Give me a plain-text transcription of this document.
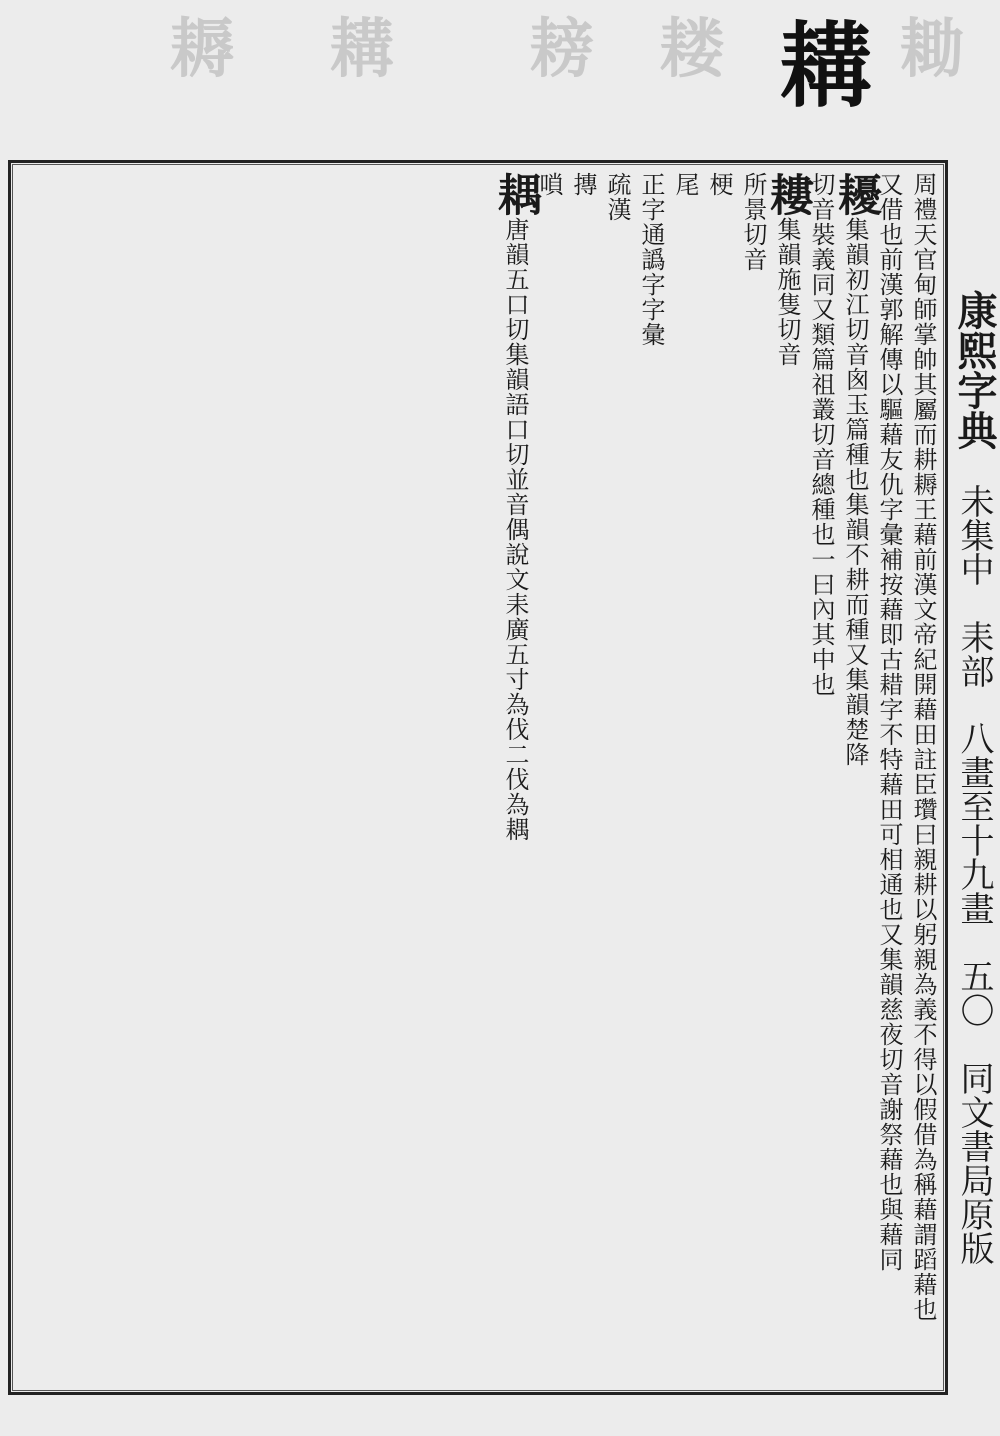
耨 耩 耪 耧	耡
耩
周禮天官甸師掌帥其屬而耕耨王藉前漢文帝紀開藉田註臣瓚曰親耕以躬親為義不得以假借為稱藉謂蹈藉也
又借也前漢郭解傳以驅藉友仇字彙補按藉即古耤字不特藉田可相通也又集韻慈夜切音謝祭藉也與藉同
耰集韻初江切音囪玉篇種也集韻不耕而種又集韻楚降
切音裝義同又類篇祖叢切音總種也一曰內其中也
耬集韻施隻切音
所景切音
梗
尾
正字通譌字字彙
疏漢
摶
嗩
耦唐韻五口切集韻語口切並音偶說文耒廣五寸為伐二伐為耦	康熙字典  未集中  耒部  八畫至十九畫  五〇  同文書局原版
